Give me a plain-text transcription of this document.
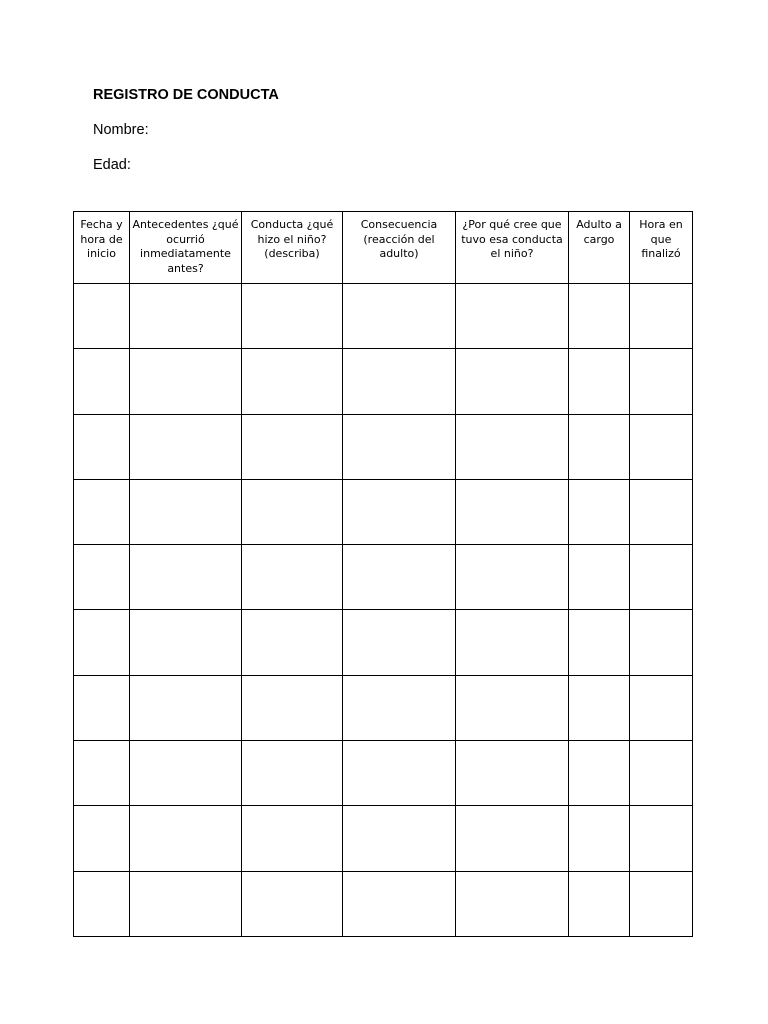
REGISTRO DE CONDUCTA

Nombre:

Edad:

Fecha y hora de inicio	Antecedentes ¿qué ocurrió inmediatamente antes?	Conducta ¿qué hizo el niño? (describa)	Consecuencia (reacción del adulto)	¿Por qué cree que tuvo esa conducta el niño?	Adulto a cargo	Hora en que finalizó
